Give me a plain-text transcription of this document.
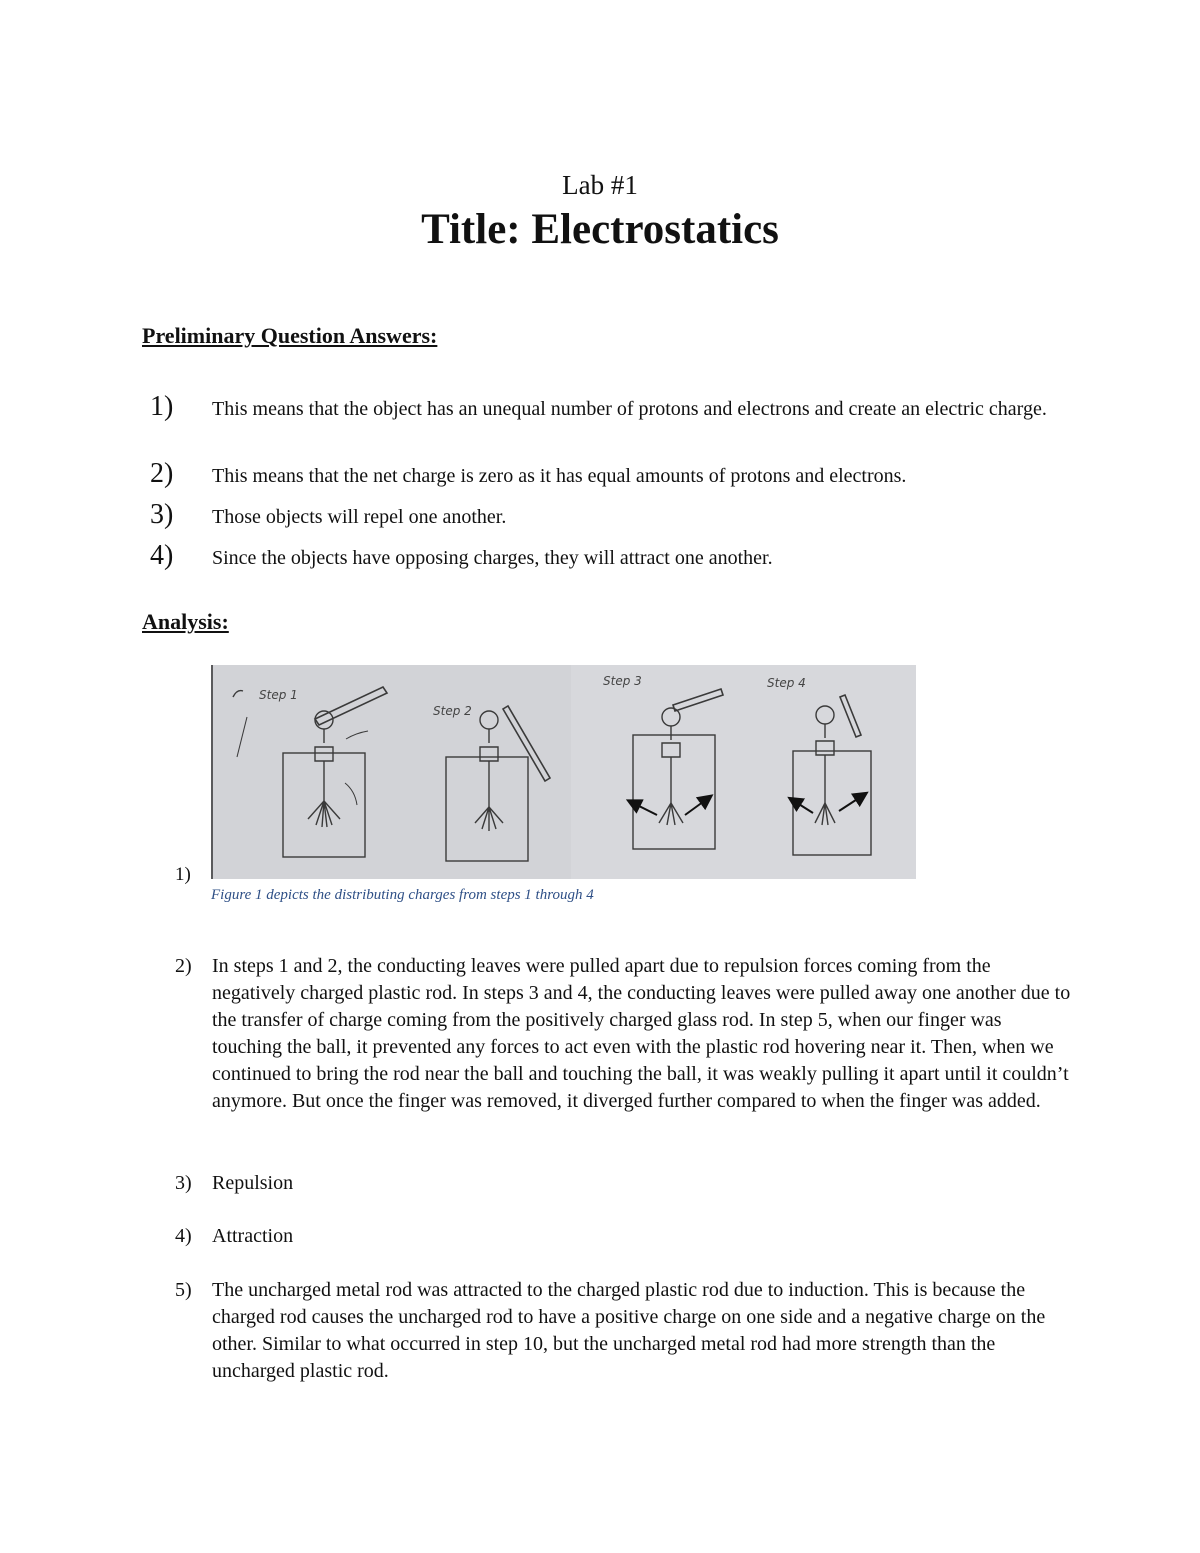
Lab #1
Title: Electrostatics
Preliminary Question Answers:
1) This means that the object has an unequal number of protons and electrons and create an electric charge.
2) This means that the net charge is zero as it has equal amounts of protons and electrons.
3) Those objects will repel one another.
4) Since the objects have opposing charges, they will attract one another.
Analysis:
Step 1
Step 2
Step 3	Step 4
1)
Figure 1 depicts the distributing charges from steps 1 through 4
2) In steps 1 and 2, the conducting leaves were pulled apart due to repulsion forces coming from the negatively charged plastic rod. In steps 3 and 4, the conducting leaves were pulled away one another due to the transfer of charge coming from the positively charged glass rod. In step 5, when our finger was touching the ball, it prevented any forces to act even with the plastic rod hovering near it. Then, when we continued to bring the rod near the ball and touching the ball, it was weakly pulling it apart until it couldn’t anymore. But once the finger was removed, it diverged further compared to when the finger was added.
3) Repulsion
4) Attraction
5) The uncharged metal rod was attracted to the charged plastic rod due to induction. This is because the charged rod causes the uncharged rod to have a positive charge on one side and a negative charge on the other. Similar to what occurred in step 10, but the uncharged metal rod had more strength than the uncharged plastic rod.
